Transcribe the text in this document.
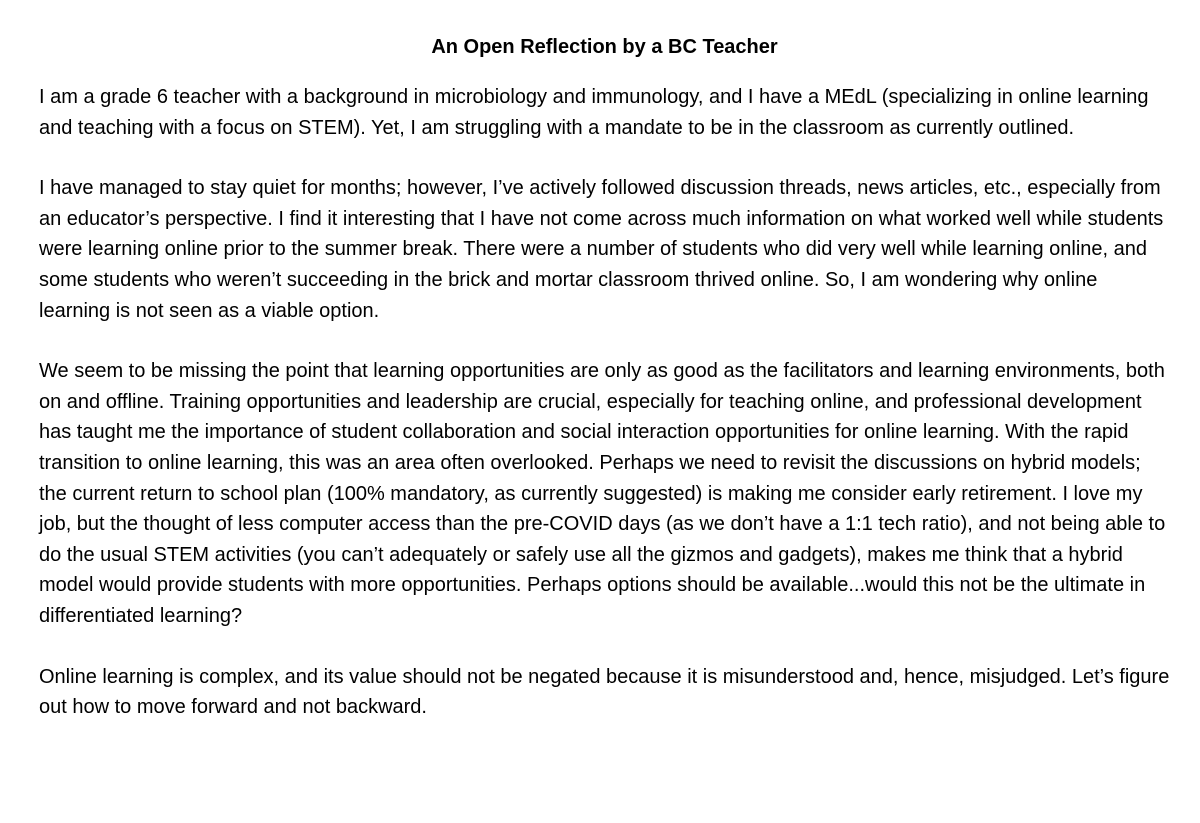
An Open Reflection by a BC Teacher

I am a grade 6 teacher with a background in microbiology and immunology, and I have a MEdL (specializing in online learning and teaching with a focus on STEM). Yet, I am struggling with a mandate to be in the classroom as currently outlined.

I have managed to stay quiet for months; however, I’ve actively followed discussion threads, news articles, etc., especially from an educator’s perspective. I find it interesting that I have not come across much information on what worked well while students were learning online prior to the summer break. There were a number of students who did very well while learning online, and some students who weren’t succeeding in the brick and mortar classroom thrived online. So, I am wondering why online learning is not seen as a viable option.

We seem to be missing the point that learning opportunities are only as good as the facilitators and learning environments, both on and offline. Training opportunities and leadership are crucial, especially for teaching online, and professional development has taught me the importance of student collaboration and social interaction opportunities for online learning. With the rapid transition to online learning, this was an area often overlooked. Perhaps we need to revisit the discussions on hybrid models; the current return to school plan (100% mandatory, as currently suggested) is making me consider early retirement. I love my job, but the thought of less computer access than the pre-COVID days (as we don’t have a 1:1 tech ratio), and not being able to do the usual STEM activities (you can’t adequately or safely use all the gizmos and gadgets), makes me think that a hybrid model would provide students with more opportunities. Perhaps options should be available...would this not be the ultimate in differentiated learning?

Online learning is complex, and its value should not be negated because it is misunderstood and, hence, misjudged. Let’s figure out how to move forward and not backward.
